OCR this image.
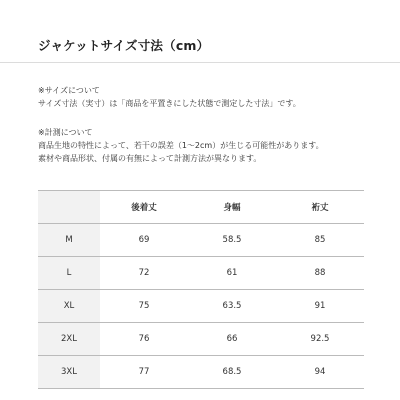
ジャケットサイズ寸法（cm）

※サイズについて

サイズ寸法（実寸）は「商品を平置きにした状態で測定した寸法」です。

※計測について

商品生地の特性によって、若干の誤差（1〜2cm）が生じる可能性があります。

素材や商品形状、付属の有無によって計測方法が異なります。

	後着丈	身幅	裄丈
M	69	58.5	85
L	72	61	88
XL	75	63.5	91
2XL	76	66	92.5
3XL	77	68.5	94
